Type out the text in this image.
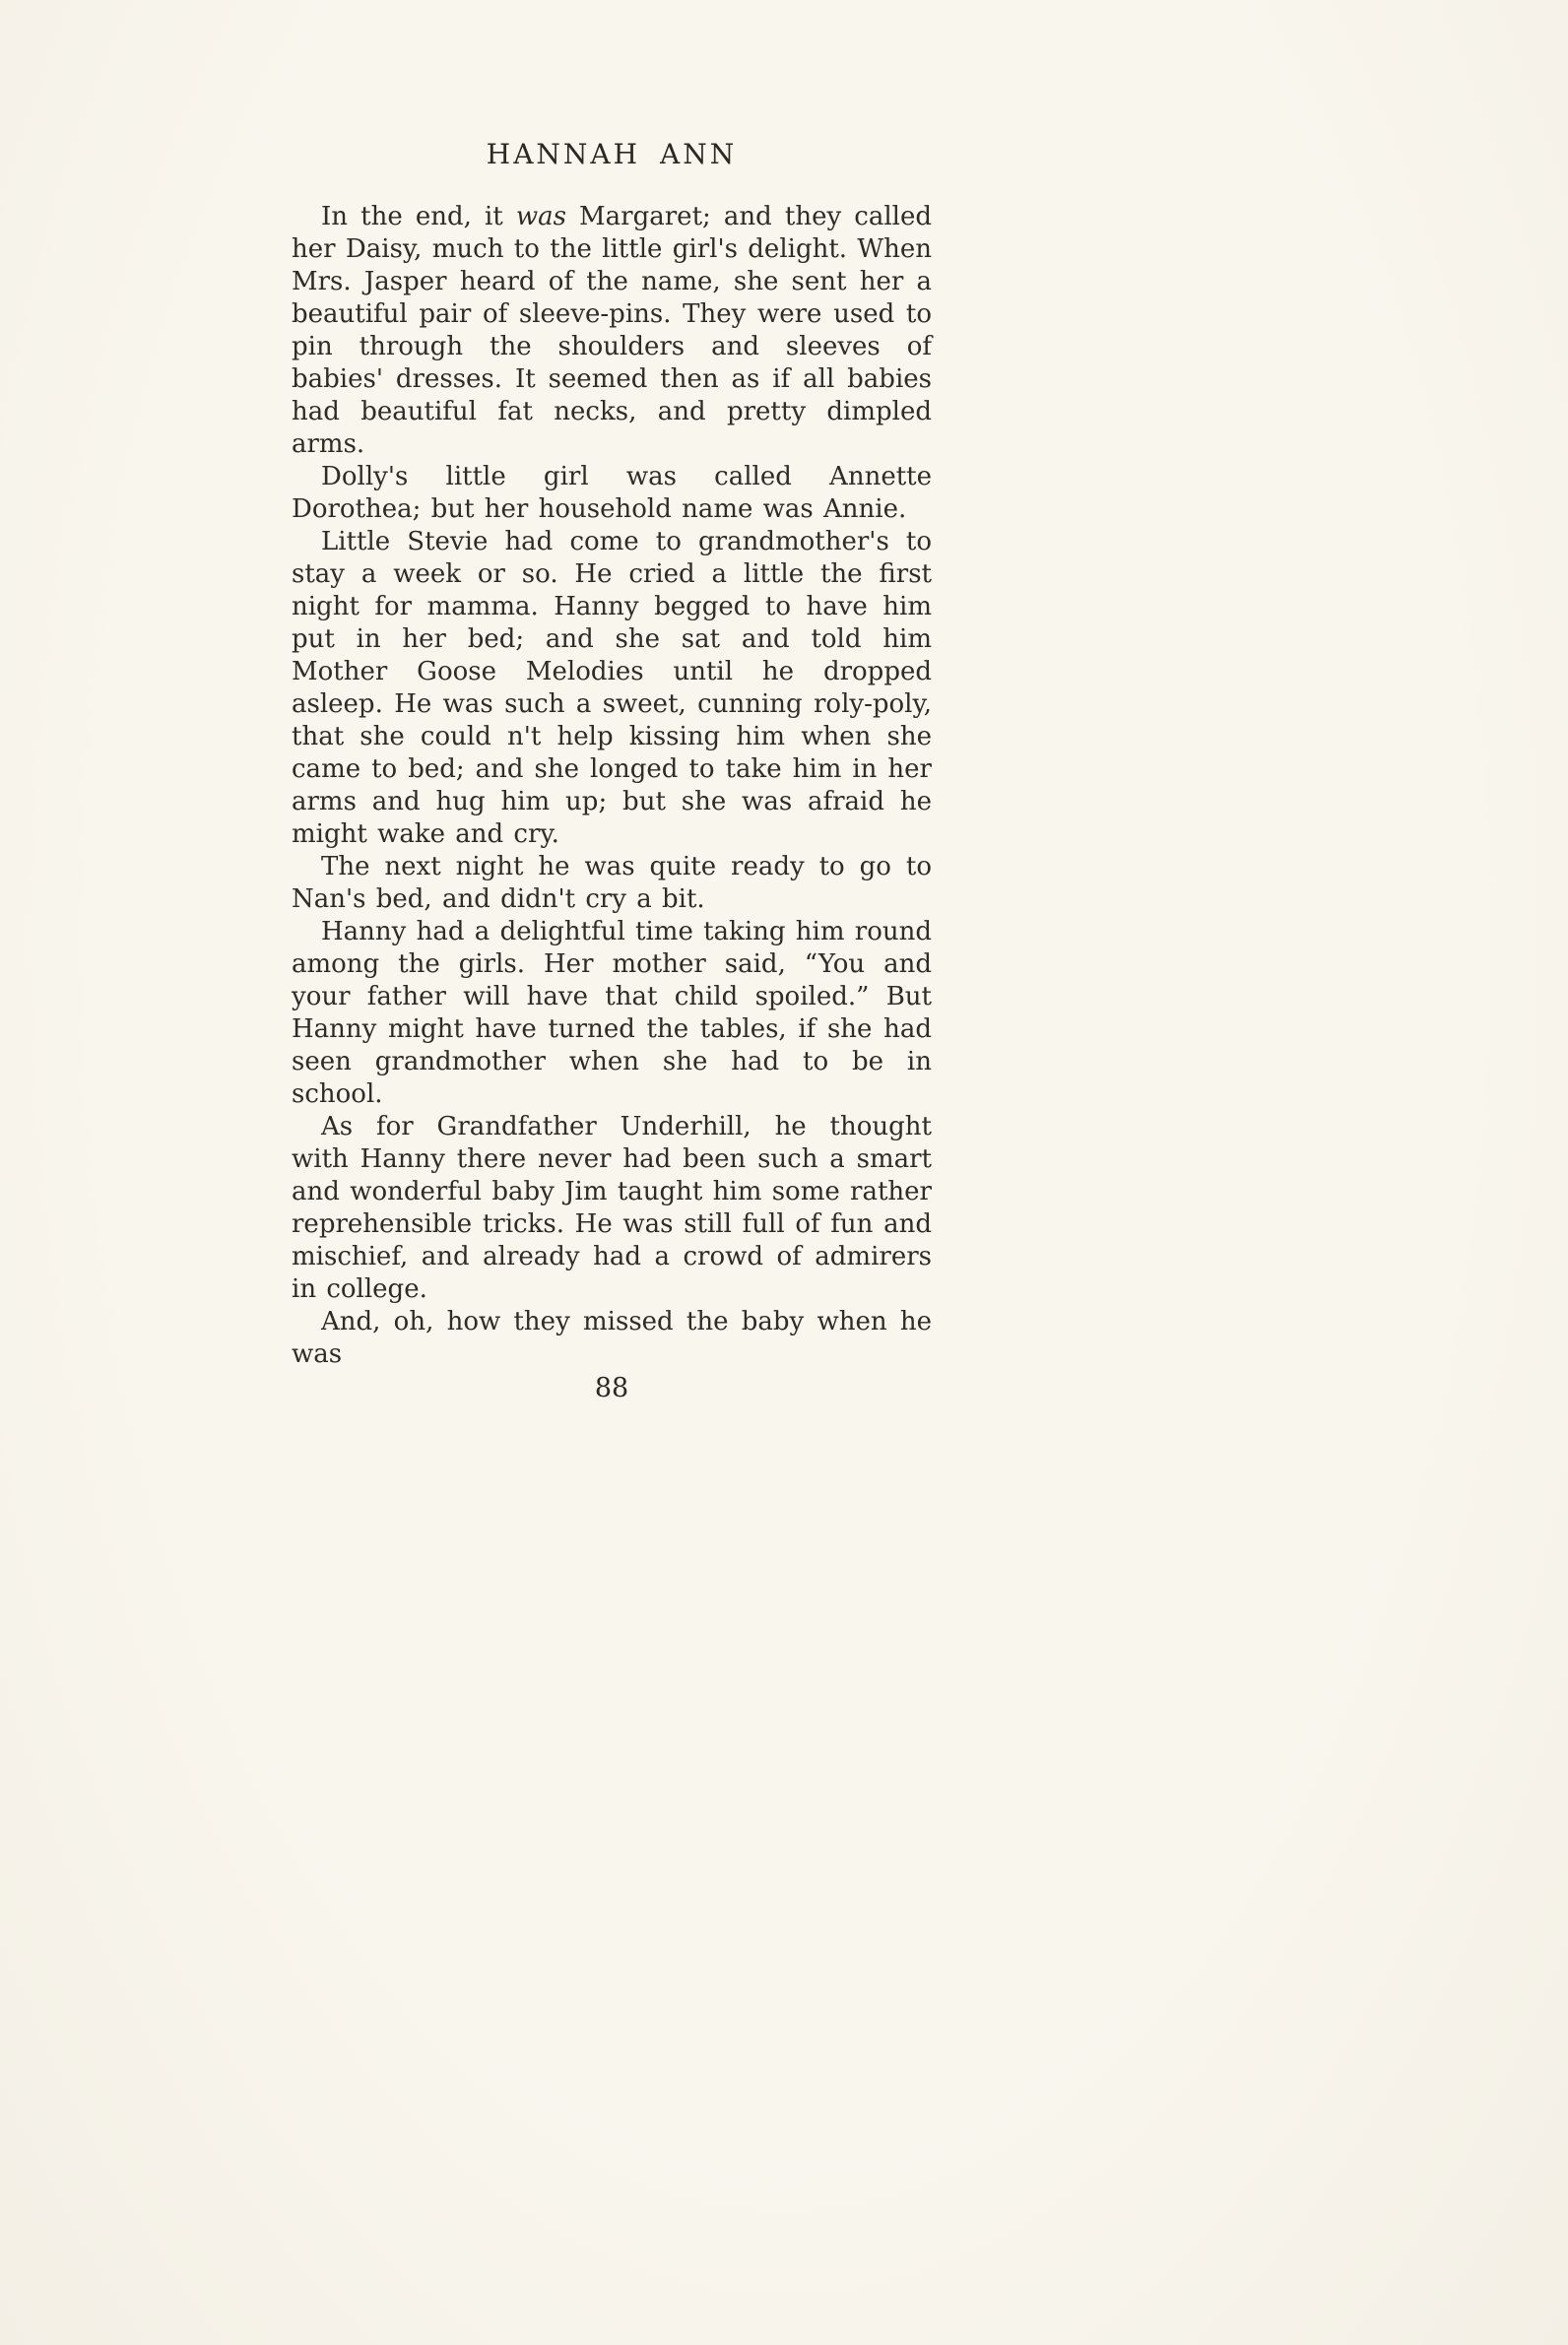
HANNAH ANN

In the end, it was Margaret; and they called her Daisy, much to the little girl's delight. When Mrs. Jasper heard of the name, she sent her a beautiful pair of sleeve-pins. They were used to pin through the shoulders and sleeves of babies' dresses. It seemed then as if all babies had beautiful fat necks, and pretty dimpled arms.

Dolly's little girl was called Annette Dorothea; but her household name was Annie.

Little Stevie had come to grandmother's to stay a week or so. He cried a little the first night for mamma. Hanny begged to have him put in her bed; and she sat and told him Mother Goose Melodies until he dropped asleep. He was such a sweet, cunning roly-poly, that she could n't help kissing him when she came to bed; and she longed to take him in her arms and hug him up; but she was afraid he might wake and cry.

The next night he was quite ready to go to Nan's bed, and didn't cry a bit.

Hanny had a delightful time taking him round among the girls. Her mother said, “You and your father will have that child spoiled.” But Hanny might have turned the tables, if she had seen grandmother when she had to be in school.

As for Grandfather Underhill, he thought with Hanny there never had been such a smart and wonderful baby Jim taught him some rather reprehensible tricks. He was still full of fun and mischief, and already had a crowd of admirers in college.

And, oh, how they missed the baby when he was

88
